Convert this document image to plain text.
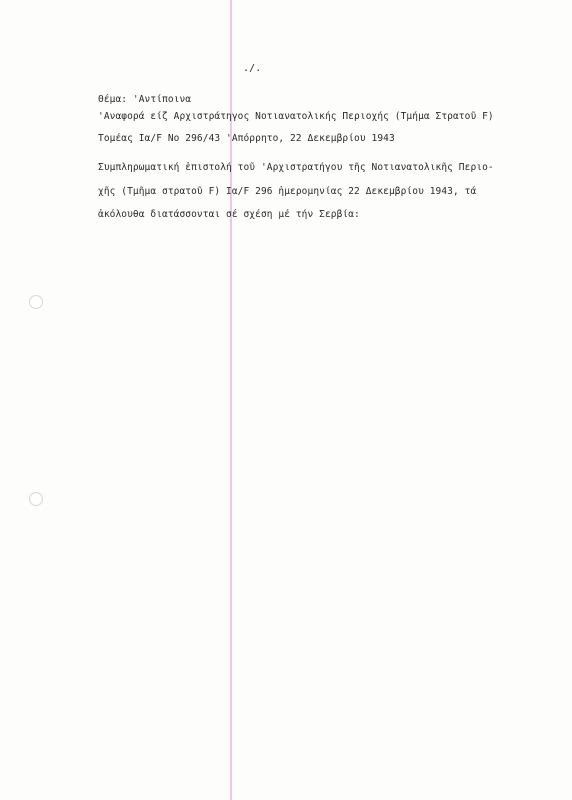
./.
Θέμα: 'Αντίποινα
'Αναφορά είζ Αρχιστράτηγος Νοτιανατολικής Περιοχής (Τμήμα Στρατοῦ F)
Τομέας Ια/F Νο 296/43 'Απόρρητο, 22 Δεκεμβρίου 1943
Συμπληρωματική ἐπιστολή τοῦ 'Αρχιστρατήγου τῆς Νοτιανατολικῆς Περιο-
χῆς (Τμῆμα στρατοῦ F) Ια/F 296 ἡμερομηνίας 22 Δεκεμβρίου 1943, τά
ἀκόλουθα διατάσσονται σέ σχέση μέ τήν Σερβία:
